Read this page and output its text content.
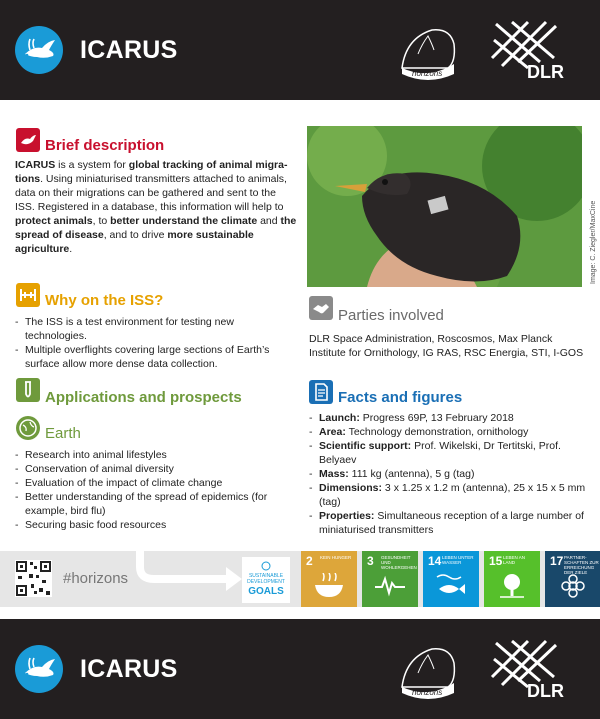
ICARUS
horizons	DLR
Brief description
ICARUS is a system for global tracking of animal migra-tions. Using miniaturised transmitters attached to animals, data on their migrations can be gathered and sent to the ISS. Registered in a database, this information will help to protect animals, to better understand the climate and the spread of disease, and to drive more sustainable agriculture.
Why on the ISS?
- The ISS is a test environment for testing new technologies.
- Multiple overflights covering large sections of Earth’s surface allow more dense data collection.
Applications and prospects
Earth
- Research into animal lifestyles
- Conservation of animal diversity
- Evaluation of the impact of climate change
- Better understanding of the spread of epidemics (for example, bird flu)
- Securing basic food resources
Image: C. Ziegler/MaxCine
Parties involved
DLR Space Administration, Roscosmos, Max Planck Institute for Ornithology, IG RAS, RSC Energia, STI, I-GOS
Facts and figures
- Launch: Progress 69P, 13 February 2018
- Area: Technology demonstration, ornithology
- Scientific support: Prof. Wikelski, Dr Tertitski, Prof. Belyaev
- Mass: 111 kg (antenna), 5 g (tag)
- Dimensions: 3 x 1.25 x 1.2 m (antenna), 25 x 15 x 5 mm (tag)
- Properties: Simultaneous reception of a large number of miniaturised transmitters
#horizons	SUSTAINABLE
DEVELOPMENT
GOALS
2 KEIN HUNGER	3 GESUNDHEIT UND WOHLERGEHEN 14 LEBEN UNTER WASSER	15 LEBEN AN LAND	17 PARTNER-SCHAFTEN ZUR ERREICHUNG DER ZIELE
ICARUS
horizons	DLR
